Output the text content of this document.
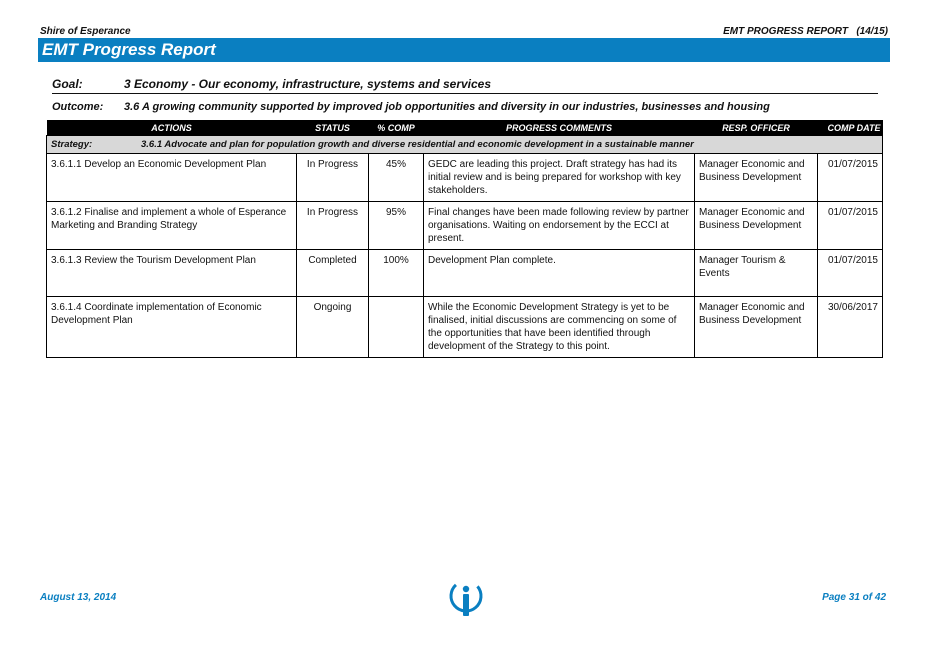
Shire of Esperance	EMT PROGRESS REPORT (14/15)
EMT Progress Report
Goal:	3 Economy - Our economy, infrastructure, systems and services
Outcome: 3.6 A growing community supported by improved job opportunities and diversity in our industries, businesses and housing
ACTIONS	STATUS	% COMP	PROGRESS COMMENTS	RESP. OFFICER	COMP DATE
Strategy: 3.6.1 Advocate and plan for population growth and diverse residential and economic development in a sustainable manner					
3.6.1.1 Develop an Economic Development Plan	In Progress	45%	GEDC are leading this project. Draft strategy has had its initial review and is being prepared for workshop with key stakeholders.	Manager Economic and Business Development	01/07/2015
3.6.1.2 Finalise and implement a whole of Esperance Marketing and Branding Strategy	In Progress	95%	Final changes have been made following review by partner organisations. Waiting on endorsement by the ECCI at present.	Manager Economic and Business Development	01/07/2015
3.6.1.3 Review the Tourism Development Plan	Completed	100%	Development Plan complete.	Manager Tourism & Events	01/07/2015
3.6.1.4 Coordinate implementation of Economic Development Plan	Ongoing		While the Economic Development Strategy is yet to be finalised, initial discussions are commencing on some of the opportunities that have been identified through development of the Strategy to this point.	Manager Economic and Business Development	30/06/2017
August 13, 2014	Page 31 of 42
